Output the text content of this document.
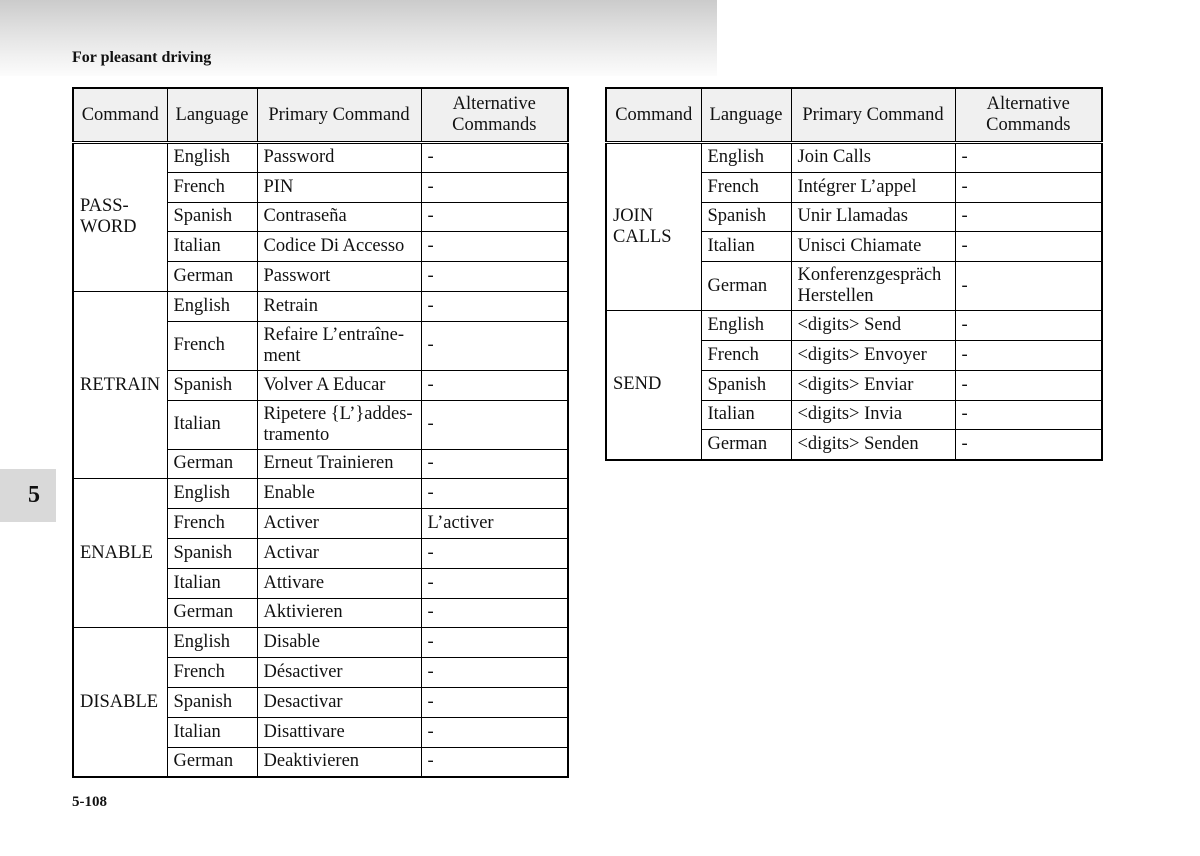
For pleasant driving
5
Command	Language	Primary Command	Alternative
Commands
PASS-
WORD	English	Password	-
	French	PIN	-
	Spanish	Contraseña	-
	Italian	Codice Di Accesso	-
	German	Passwort	-
RETRAIN	English	Retrain	-
	French	Refaire L’entraîne-
ment	-
	Spanish	Volver A Educar	-
	Italian	Ripetere {L’}addes-
tramento	-
	German	Erneut Trainieren	-
ENABLE	English	Enable	-
	French	Activer	L’activer
	Spanish	Activar	-
	Italian	Attivare	-
	German	Aktivieren	-
DISABLE	English	Disable	-
	French	Désactiver	-
	Spanish	Desactivar	-
	Italian	Disattivare	-
	German	Deaktivieren	-
Command	Language	Primary Command	Alternative
Commands
JOIN
CALLS	English	Join Calls	-
	French	Intégrer L’appel	-
	Spanish	Unir Llamadas	-
	Italian	Unisci Chiamate	-
	German	Konferenzgespräch
Herstellen	-
SEND	English	<digits> Send	-
	French	<digits> Envoyer	-
	Spanish	<digits> Enviar	-
	Italian	<digits> Invia	-
	German	<digits> Senden	-
5-108
